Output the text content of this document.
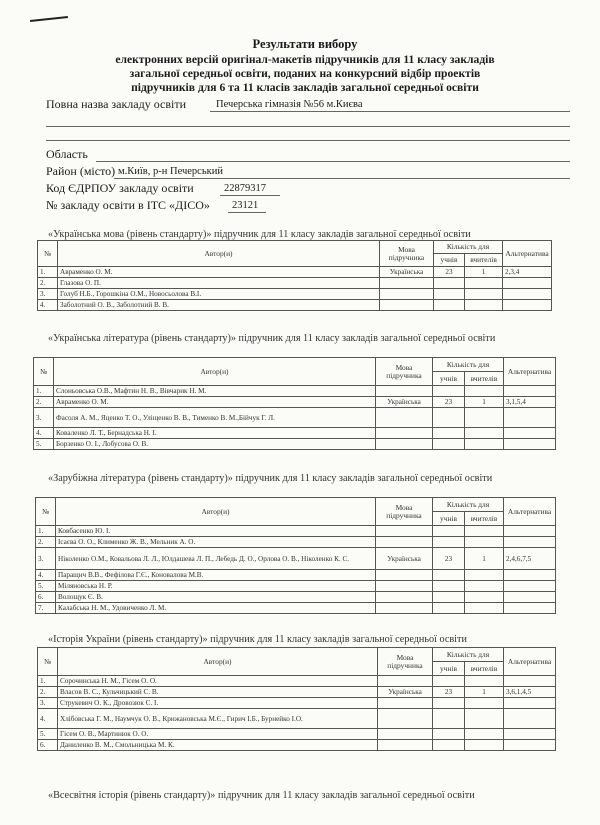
Результати вибору
електронних версій оригінал-макетів підручників для 11 класу закладів
загальної середньої освіти, поданих на конкурсний відбір проектів
підручників для 6 та 11 класів закладів загальної середньої освіти
Повна назва закладу освіти	Печерська гімназія №56 м.Києва
Область
Район (місто) м.Київ, р-н Печерський
Код ЄДРПОУ закладу освіти	22879317
№ закладу освіти в ІТС «ДІСО» 23121
«Українська мова (рівень стандарту)» підручник для 11 класу закладів загальної середньої освіти
№	Автор(и)	Мова підручника	Кількість для		Альтернатива
			учнів	вчителів	
1.	Авраменко О. М.	Українська	23	1	2,3,4
2.	Глазова О. П.				
3.	Голуб Н.Б., Горошкіна О.М., Новосьолова В.І.				
4.	Заболотний О. В., Заболотний В. В.				
«Українська література (рівень стандарту)» підручник для 11 класу закладів загальної середньої освіти
№	Автор(и)	Мова підручника	Кількість для		Альтернатива
			учнів	вчителів	
1.	Слоньовська О.В., Мафтин Н. В., Вівчарик Н. М.				
2.	Авраменко О. М.	Українська	23	1	3,1,5,4
3.	Фасоля А. М., Яценко Т. О., Уліщенко В. В., Тименко В. М.,Бійчук Г. Л.				
4.	Коваленко Л. Т., Бернадська Н. І.				
5.	Борзенко О. І., Лобусова О. В.				
«Зарубіжна література (рівень стандарту)» підручник для 11 класу закладів загальної середньої освіти
№	Автор(и)	Мова підручника	Кількість для		Альтернатива
			учнів	вчителів	
1.	Ковбасенко Ю. І.				
2.	Ісаєва О. О., Клименко Ж. В., Мельник А. О.				
3.	Ніколенко О.М., Ковальова Л. Л., Юлдашева Л. П., Лебедь Д. О., Орлова О. В., Ніколенко К. С.	Українська	23	1	2,4,6,7,5
4.	Паращич В.В., Фефілова Г.Є., Коновалова М.В.				
5.	Міляновська Н. Р.				
6.	Волощук Є. В.				
7.	Калабська Н. М., Удовиченко Л. М.				
«Історія України (рівень стандарту)» підручник для 11 класу закладів загальної середньої освіти
№	Автор(и)	Мова підручника	Кількість для		Альтернатива
			учнів	вчителів	
1.	Сорочинська Н. М., Гісем О. О.				
2.	Власов В. С., Кульчицький С. В.	Українська	23	1	3,6,1,4,5
3.	Струкевич О. К., Дровозюк С. І.				
4.	Хлібовська Г. М., Наумчук О. В., Крижановська М.Є., Гирич І.Б., Бурнейко І.О.				
5.	Гісем О. В., Мартинюк О. О.				
6.	Даниленко В. М., Смольницька М. К.				
«Всесвітня історія (рівень стандарту)» підручник для 11 класу закладів загальної середньої освіти
